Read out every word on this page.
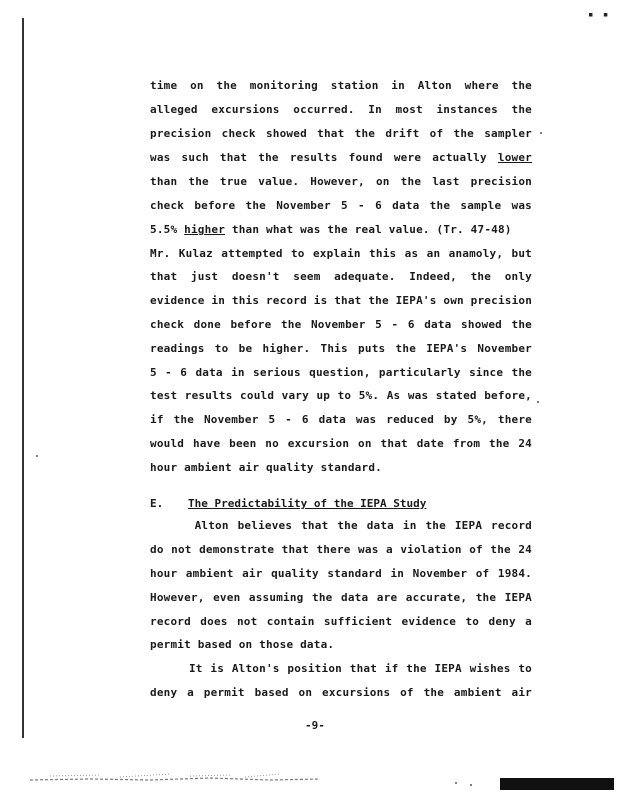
▪ ▪
time on the monitoring station in Alton where the
alleged excursions occurred. In most instances the
precision check showed that the drift of the sampler
was such that the results found were actually lower
than the true value. However, on the last precision
check before the November 5 - 6 data the sample was
5.5% higher than what was the real value. (Tr. 47-48)
Mr. Kulaz attempted to explain this as an anamoly, but
that just doesn't seem adequate. Indeed, the only
evidence in this record is that the IEPA's own precision
check done before the November 5 - 6 data showed the
readings to be higher. This puts the IEPA's November
5 - 6 data in serious question, particularly since the
test results could vary up to 5%. As was stated before,
if the November 5 - 6 data was reduced by 5%, there
would have been no excursion on that date from the 24
hour ambient air quality standard.
E. The Predictability of the IEPA Study
Alton believes that the data in the IEPA record
do not demonstrate that there was a violation of the 24
hour ambient air quality standard in November of 1984.
However, even assuming the data are accurate, the IEPA
record does not contain sufficient evidence to deny a
permit based on those data.
It is Alton's position that if the IEPA wishes to
deny a permit based on excursions of the ambient air
-9-
